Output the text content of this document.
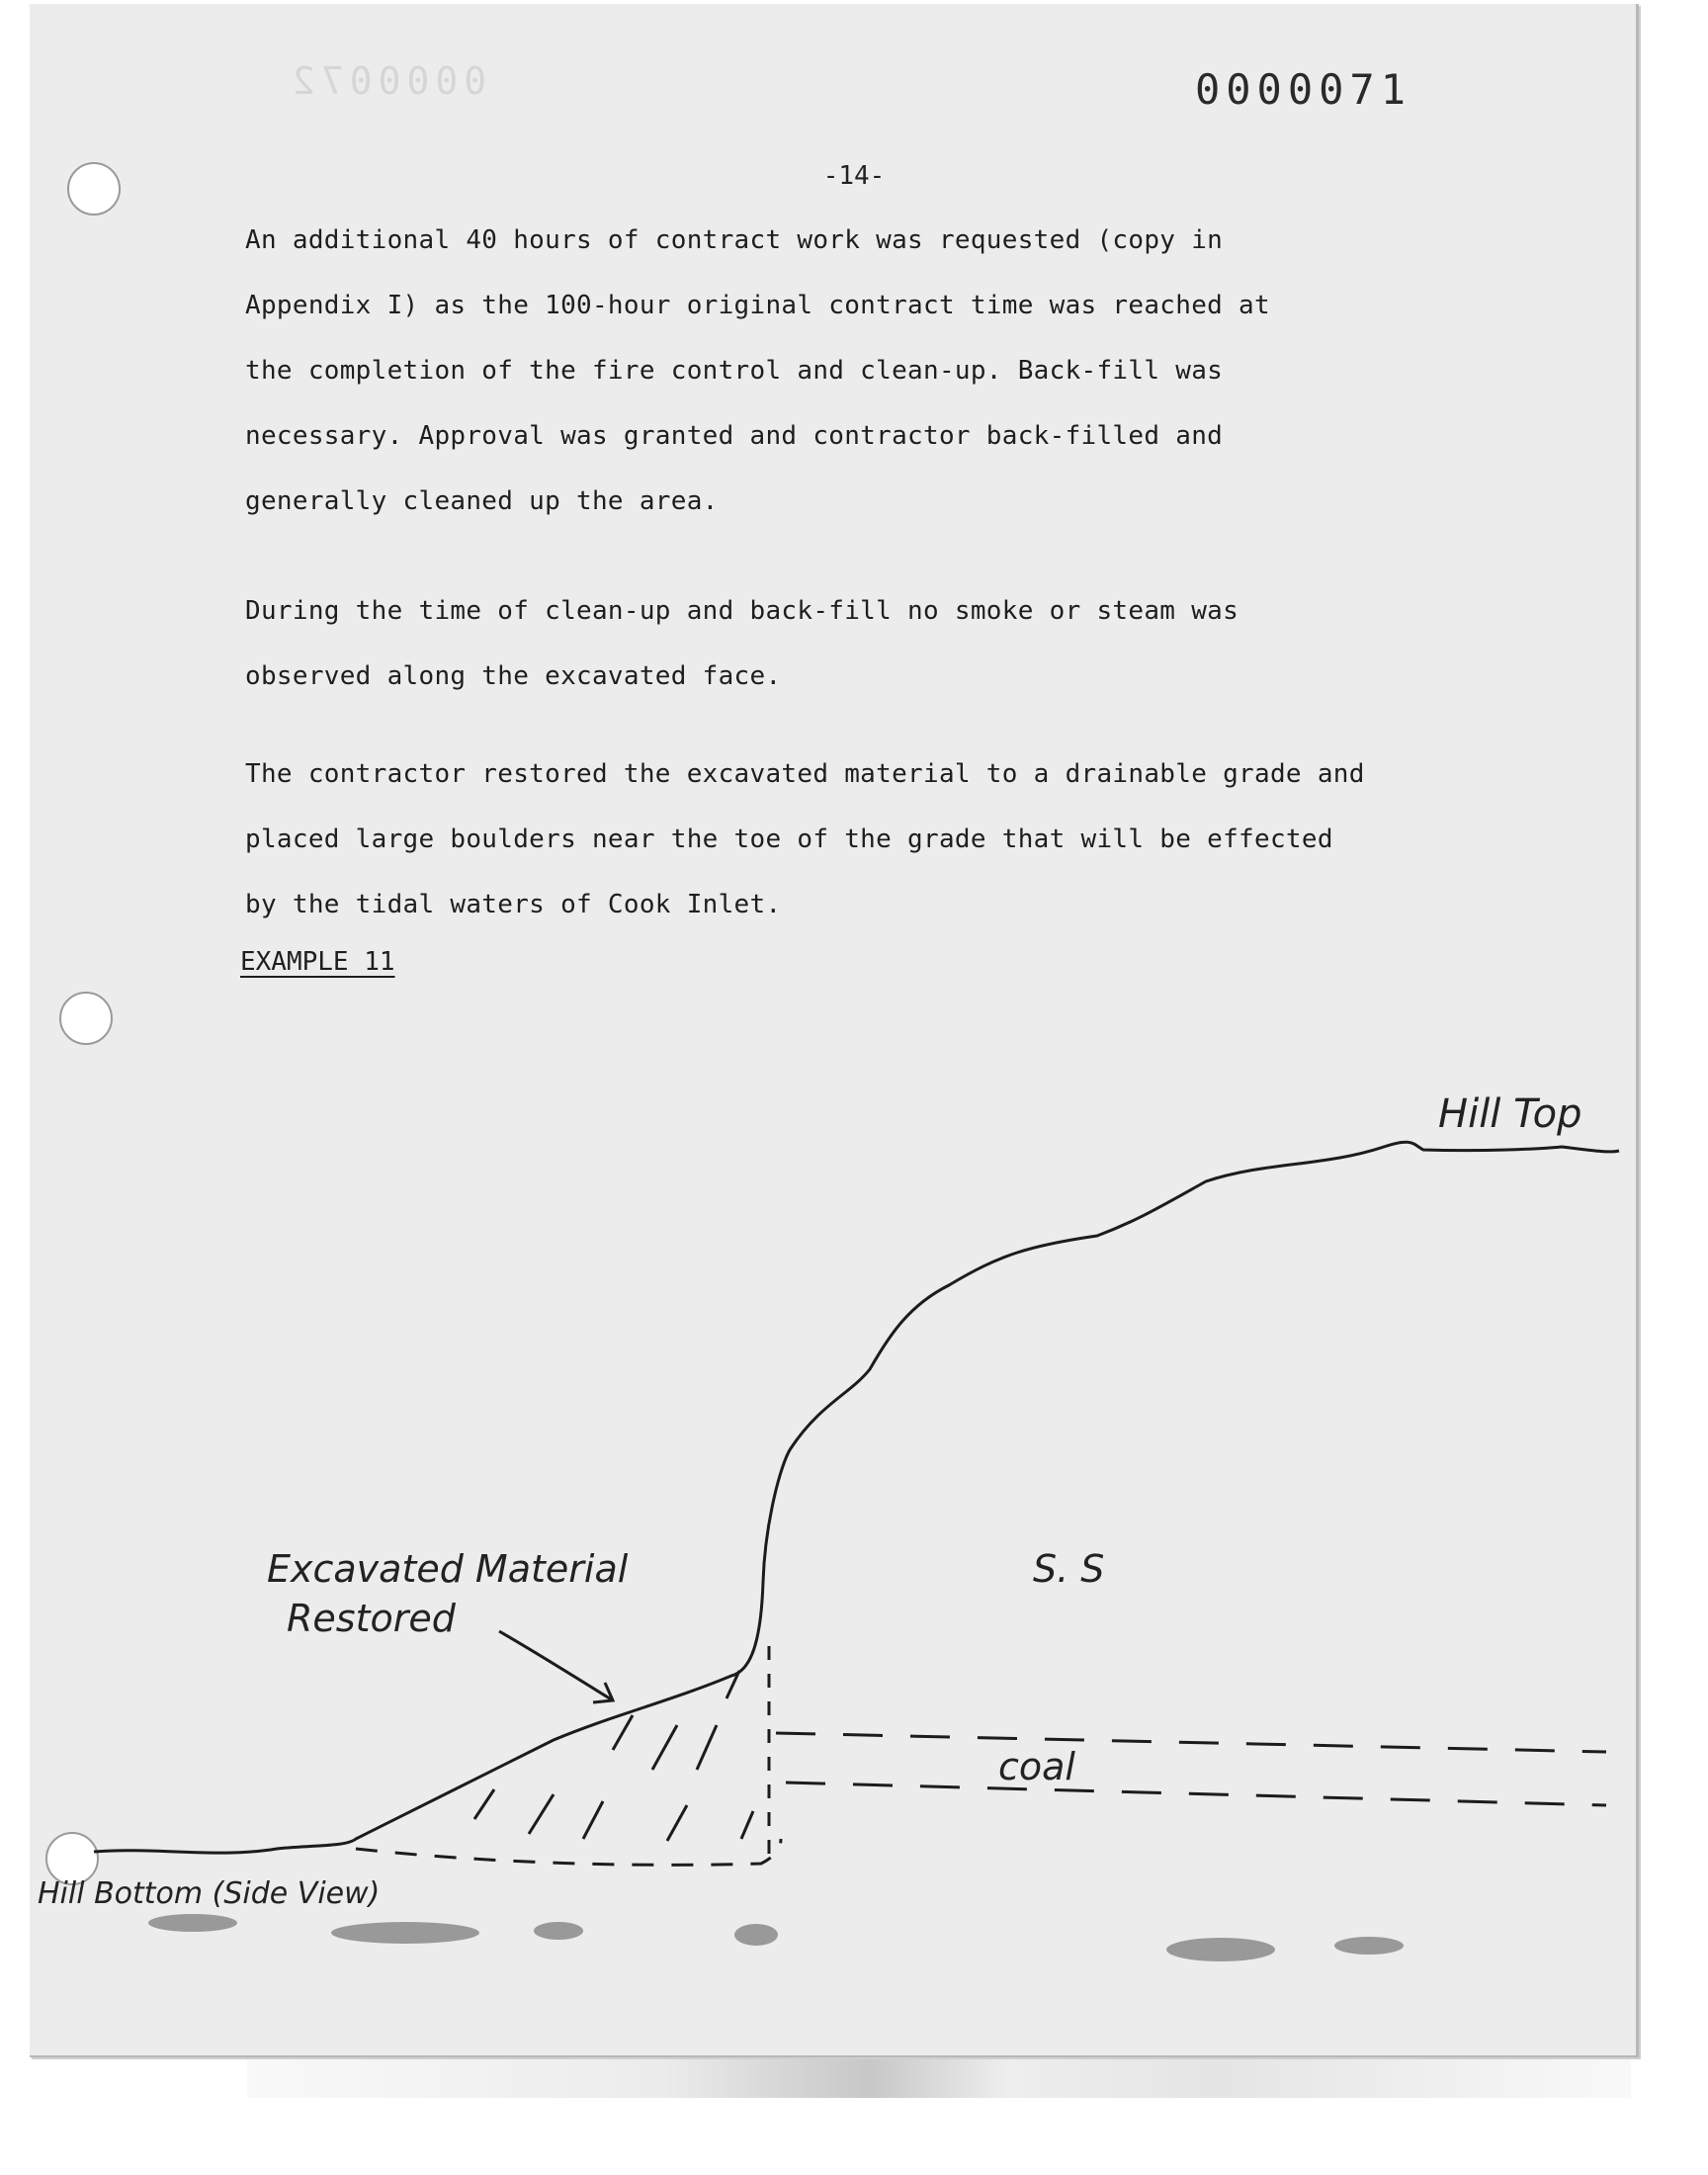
0000072	0000071
-14-

An additional 40 hours of contract work was requested (copy in
Appendix I) as the 100-hour original contract time was reached at
the completion of the fire control and clean-up. Back-fill was
necessary. Approval was granted and contractor back-filled and
generally cleaned up the area.

During the time of clean-up and back-fill no smoke or steam was
observed along the excavated face.

The contractor restored the excavated material to a drainable grade and
placed large boulders near the toe of the grade that will be effected
by the tidal waters of Cook Inlet.

EXAMPLE 11
Hill Top
Excavated Material
Restored
S. S
coal
Hill Bottom (Side View)
